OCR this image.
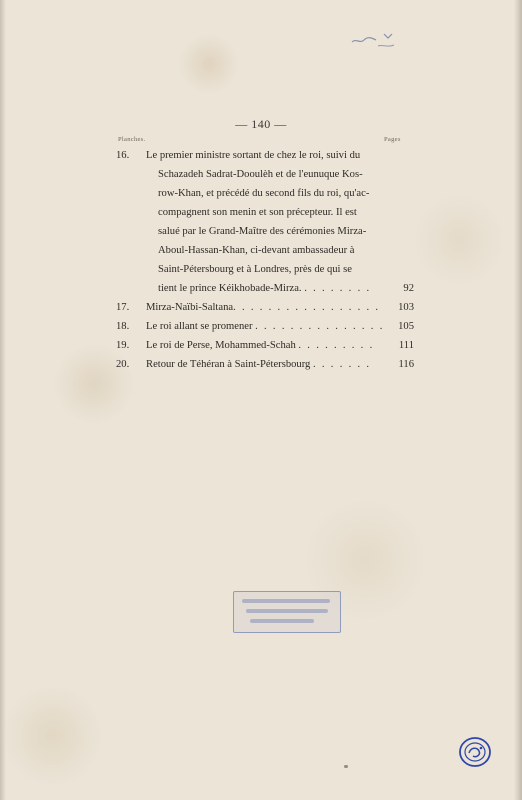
— 140 —
Planches.	Pages
16.	Le premier ministre sortant de chez le roi, suivi du
Schazadeh Sadrat-Dooulèh et de l'eunuque Kos-
row-Khan, et précédé du second fils du roi, qu'ac-
compagnent son menin et son précepteur. Il est
salué par le Grand-Maître des cérémonies Mirza-
Aboul-Hassan-Khan, ci-devant ambassadeur à
Saint-Pétersbourg et à Londres, près de qui se
tient le prince Kéikhobade-Mirza. . . . . . . . .	92
17.	Mirza-Naïbi-Saltana. . . . . . . . . . . . . . . . .	103
18.	Le roi allant se promener . . . . . . . . . . . . . . . 105
19.	Le roi de Perse, Mohammed-Schah . . . . . . . . .	111
20.	Retour de Téhéran à Saint-Pétersbourg . . . . . . .	116
